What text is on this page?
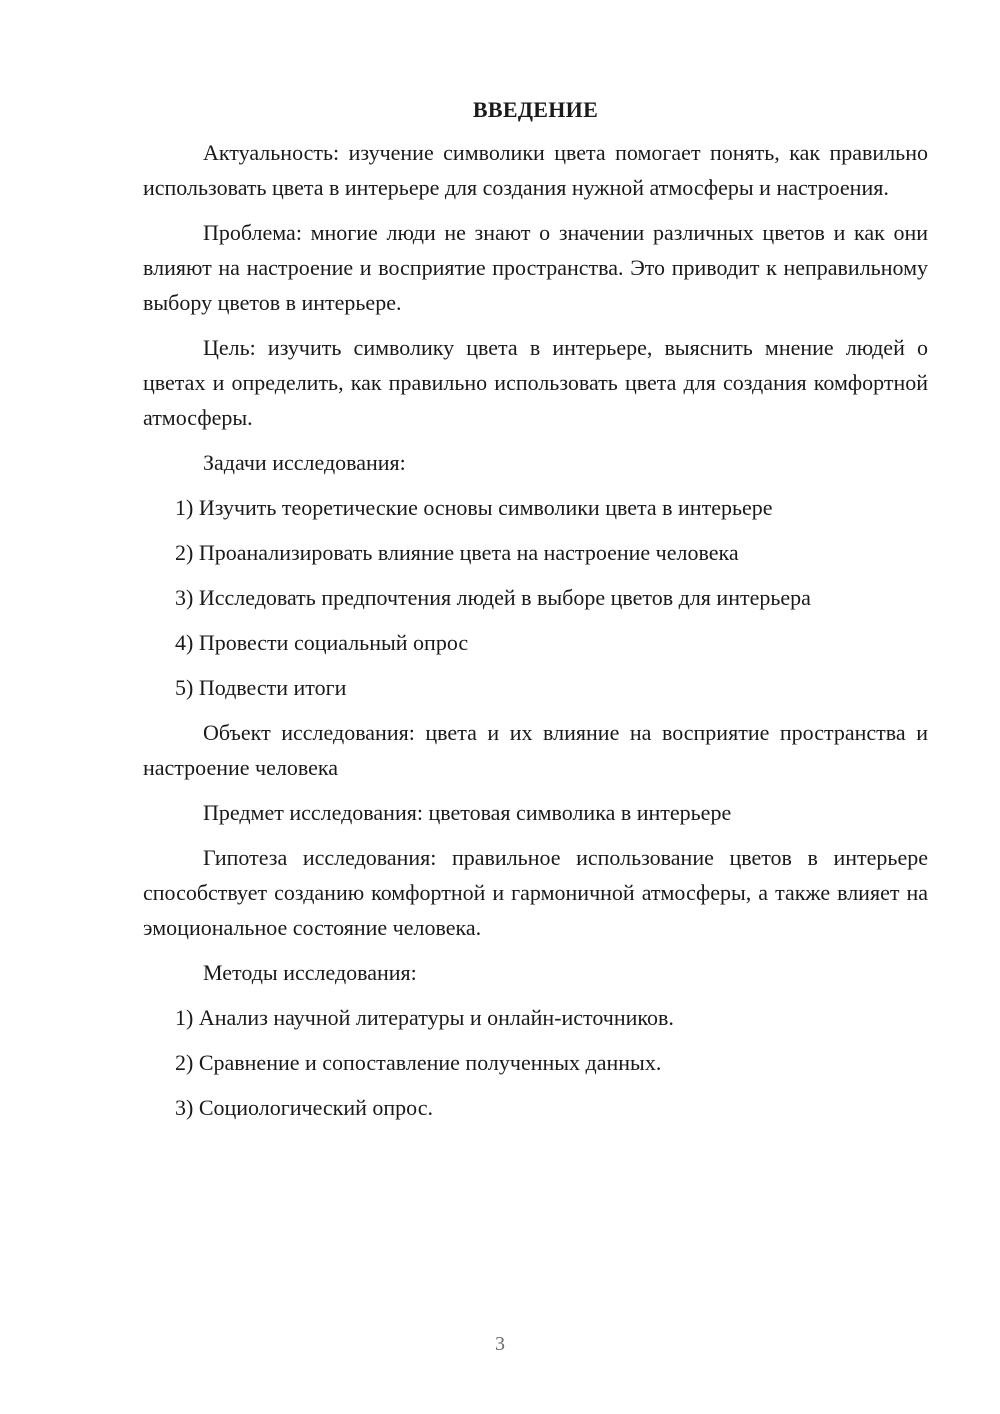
ВВЕДЕНИЕ

Актуальность: изучение символики цвета помогает понять, как правильно использовать цвета в интерьере для создания нужной атмосферы и настроения.

Проблема: многие люди не знают о значении различных цветов и как они влияют на настроение и восприятие пространства. Это приводит к неправильному выбору цветов в интерьере.

Цель: изучить символику цвета в интерьере, выяснить мнение людей о цветах и определить, как правильно использовать цвета для создания комфортной атмосферы.

Задачи исследования:

1) Изучить теоретические основы символики цвета в интерьере
2) Проанализировать влияние цвета на настроение человека
3) Исследовать предпочтения людей в выборе цветов для интерьера
4) Провести социальный опрос
5) Подвести итоги

Объект исследования: цвета и их влияние на восприятие пространства и настроение человека

Предмет исследования: цветовая символика в интерьере

Гипотеза исследования: правильное использование цветов в интерьере способствует созданию комфортной и гармоничной атмосферы, а также влияет на эмоциональное состояние человека.

Методы исследования:

1) Анализ научной литературы и онлайн-источников.
2) Сравнение и сопоставление полученных данных.
3) Социологический опрос.
3
